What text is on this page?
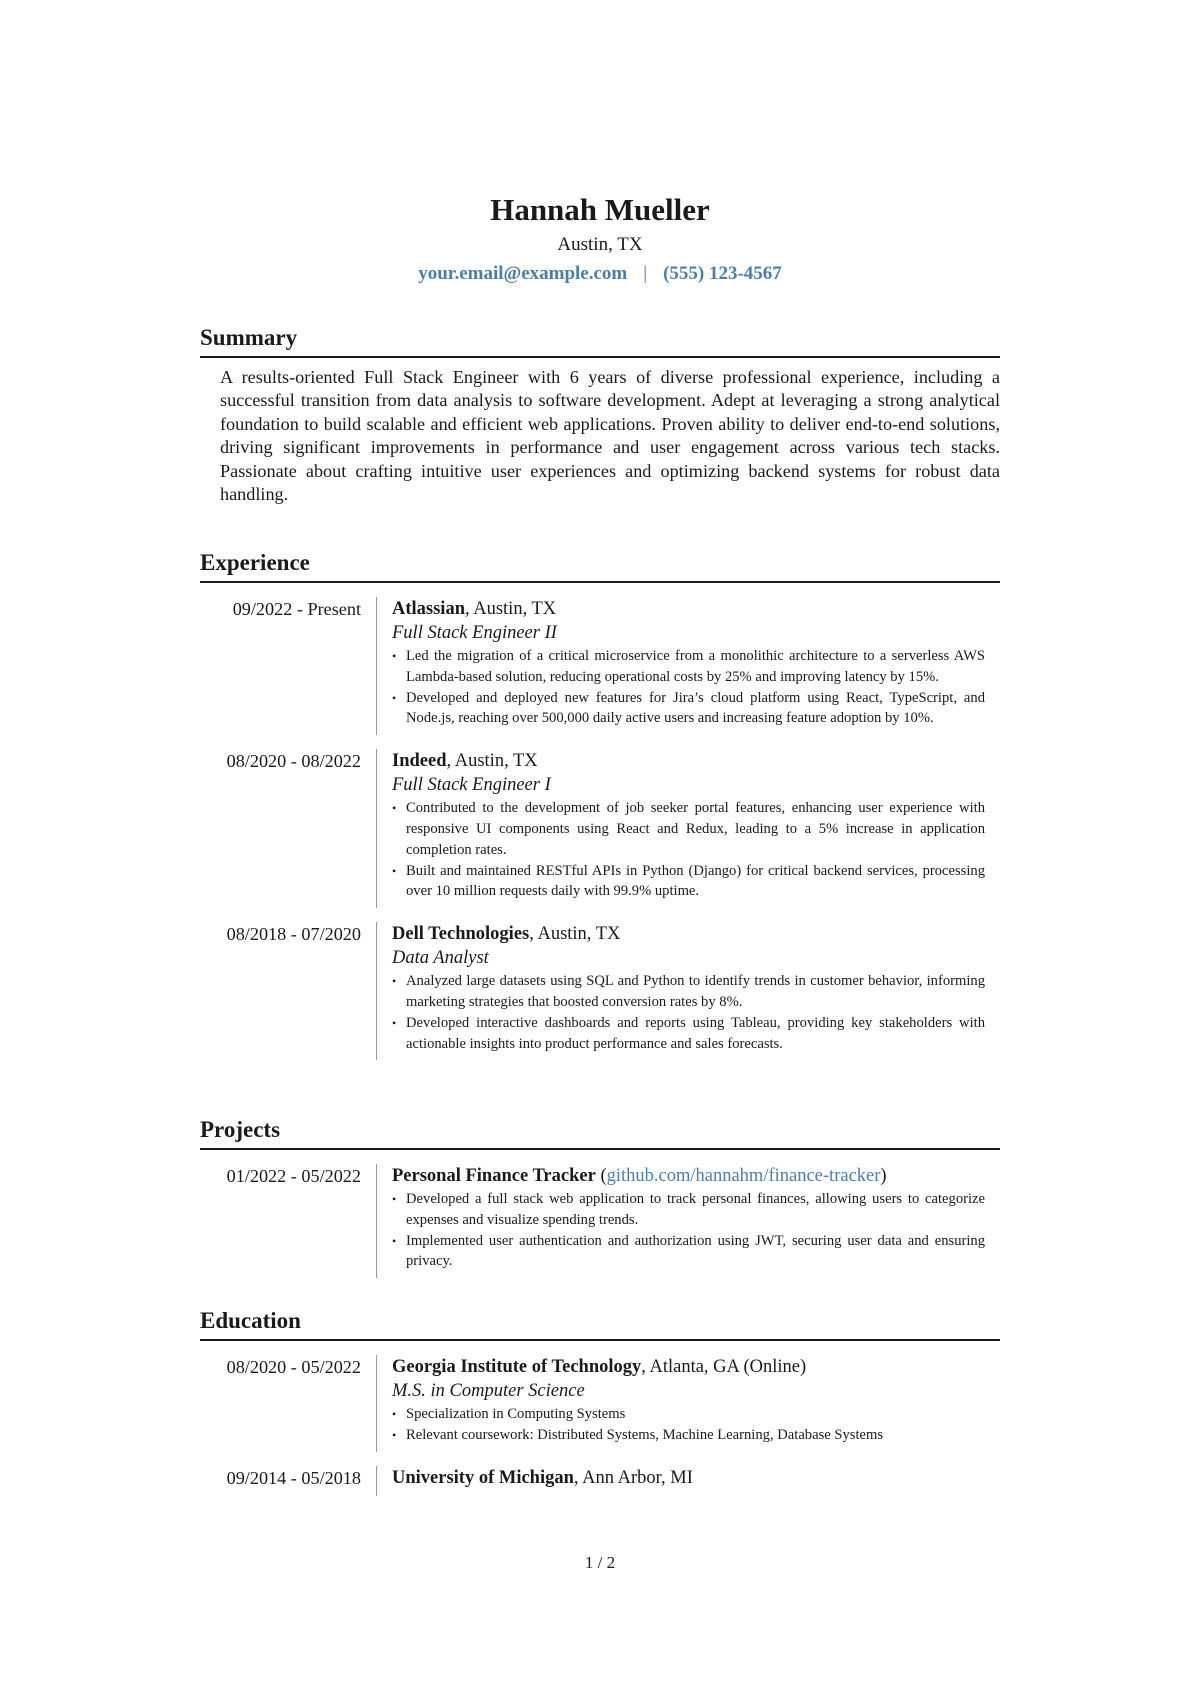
Hannah Mueller
Austin, TX
your.email@example.com | (555) 123-4567
Summary
A results-oriented Full Stack Engineer with 6 years of diverse professional experience, including a successful transition from data analysis to software development. Adept at leveraging a strong analytical foundation to build scalable and efficient web applications. Proven ability to deliver end-to-end solutions, driving significant improvements in performance and user engagement across various tech stacks. Passionate about crafting intuitive user experiences and optimizing backend systems for robust data handling.
Experience
09/2022 - Present	Atlassian, Austin, TX
Full Stack Engineer II
• Led the migration of a critical microservice from a monolithic architecture to a serverless AWS Lambda-based solution, reducing operational costs by 25% and improving latency by 15%.
• Developed and deployed new features for Jira’s cloud platform using React, TypeScript, and Node.js, reaching over 500,000 daily active users and increasing feature adoption by 10%.
08/2020 - 08/2022	Indeed, Austin, TX
Full Stack Engineer I
• Contributed to the development of job seeker portal features, enhancing user experience with responsive UI components using React and Redux, leading to a 5% increase in application completion rates.
• Built and maintained RESTful APIs in Python (Django) for critical backend services, processing over 10 million requests daily with 99.9% uptime.
08/2018 - 07/2020	Dell Technologies, Austin, TX
Data Analyst
• Analyzed large datasets using SQL and Python to identify trends in customer behavior, informing marketing strategies that boosted conversion rates by 8%.
• Developed interactive dashboards and reports using Tableau, providing key stakeholders with actionable insights into product performance and sales forecasts.
Projects
01/2022 - 05/2022	Personal Finance Tracker (github.com/hannahm/finance-tracker)
• Developed a full stack web application to track personal finances, allowing users to categorize expenses and visualize spending trends.
• Implemented user authentication and authorization using JWT, securing user data and ensuring privacy.
Education
08/2020 - 05/2022	Georgia Institute of Technology, Atlanta, GA (Online)
M.S. in Computer Science
• Specialization in Computing Systems
• Relevant coursework: Distributed Systems, Machine Learning, Database Systems
09/2014 - 05/2018	University of Michigan, Ann Arbor, MI
1 / 2
